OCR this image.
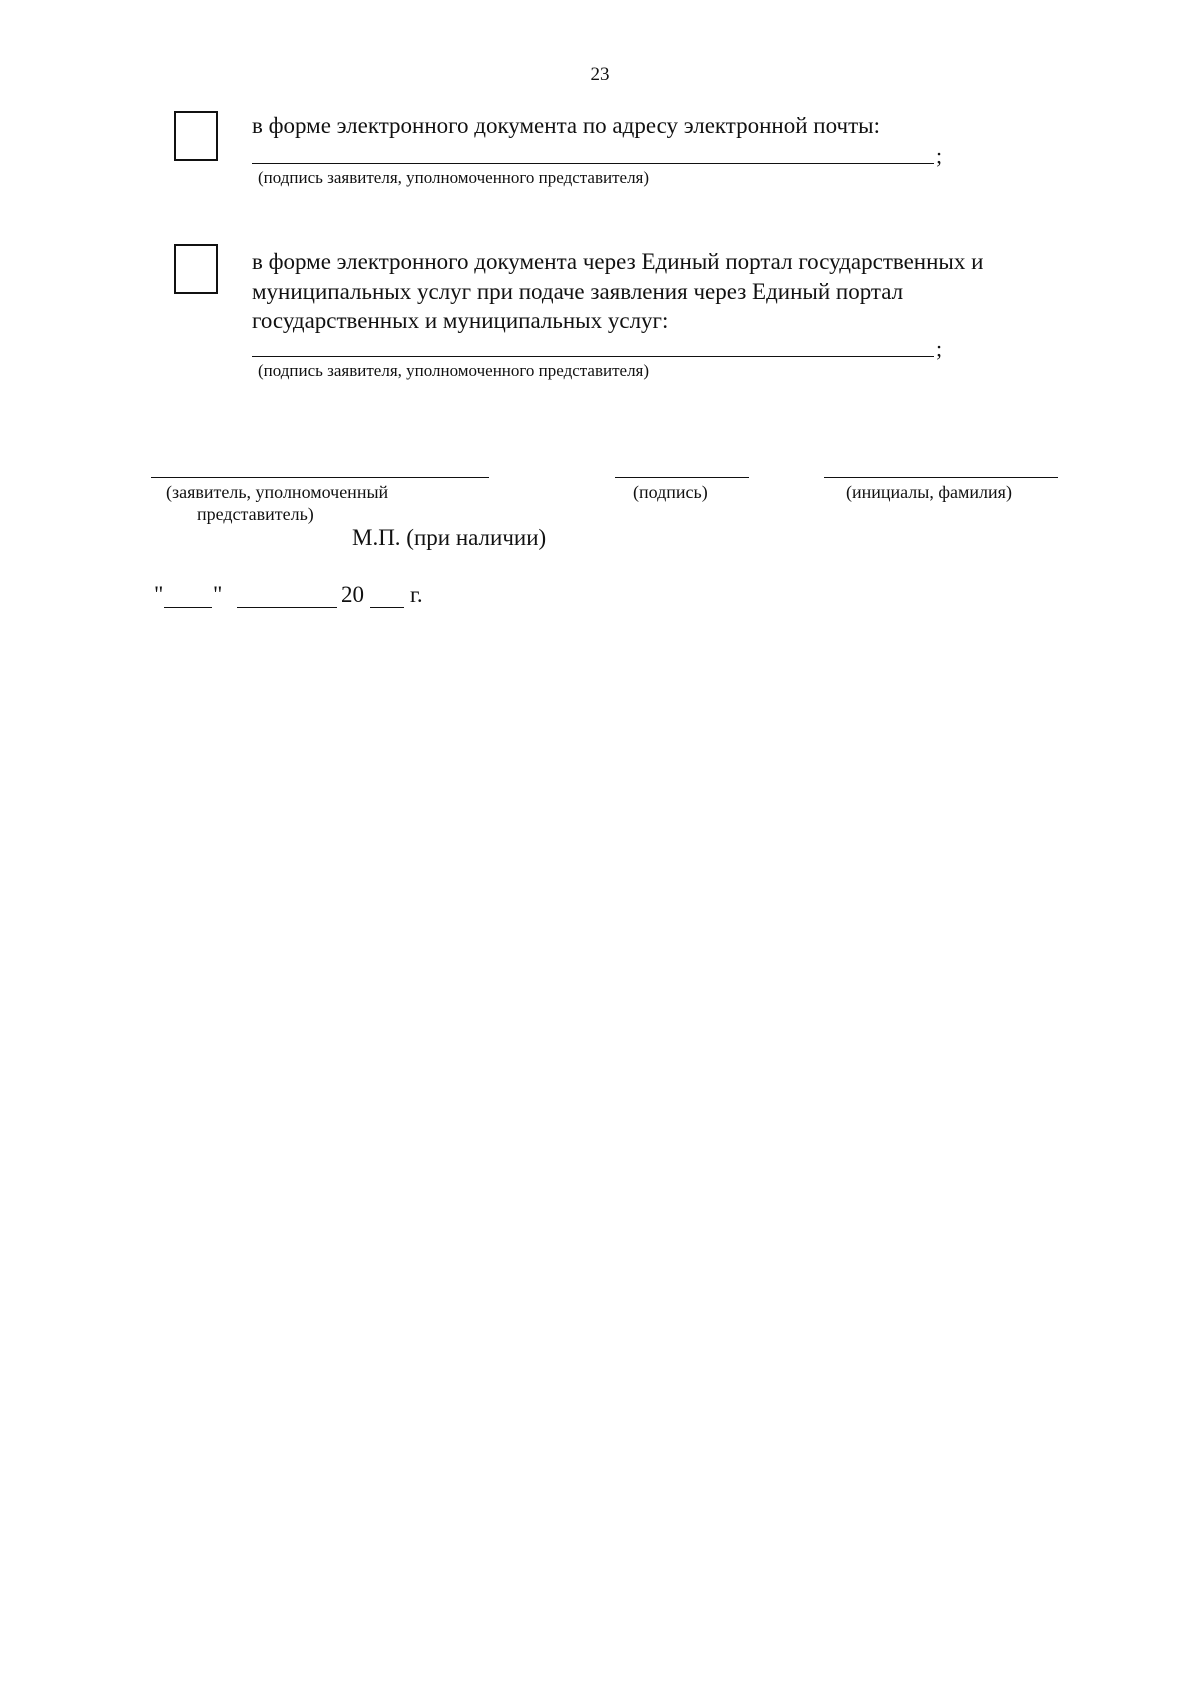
23
в форме электронного документа по адресу электронной почты:
;
(подпись заявителя, уполномоченного представителя)
в форме электронного документа через Единый портал государственных и
муниципальных услуг при подаче заявления через Единый портал
государственных и муниципальных услуг:
;
(подпись заявителя, уполномоченного представителя)
(заявитель, уполномоченный
представитель)
(подпись)	(инициалы, фамилия)
М.П. (при наличии)
" "	20 г.
